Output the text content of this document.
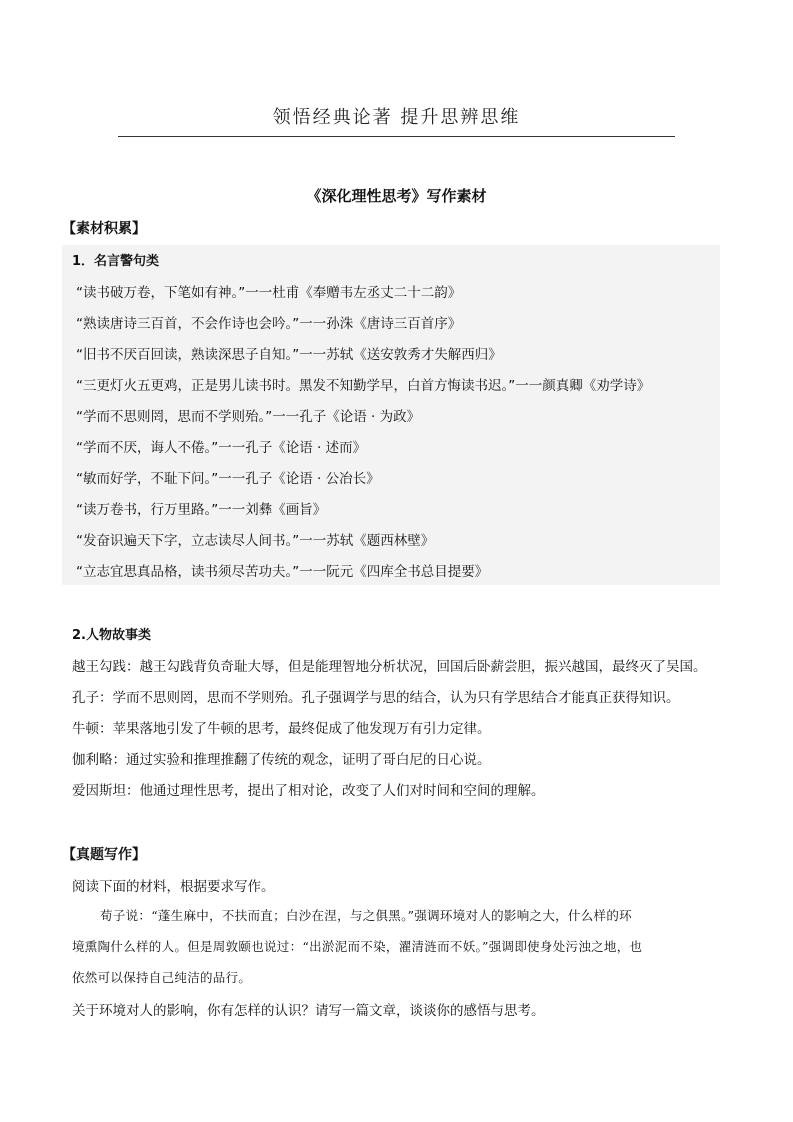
领悟经典论著 提升思辨思维
《深化理性思考》写作素材
【素材积累】
1．名言警句类
“读书破万卷，下笔如有神。”一一杜甫《奉赠韦左丞丈二十二韵》
“熟读唐诗三百首，不会作诗也会吟。”一一孙洙《唐诗三百首序》
“旧书不厌百回读，熟读深思子自知。”一一苏轼《送安敦秀才失解西归》
“三更灯火五更鸡，正是男儿读书时。黑发不知勤学早，白首方悔读书迟。”一一颜真卿《劝学诗》
“学而不思则罔，思而不学则殆。”一一孔子《论语 · 为政》
“学而不厌，诲人不倦。”一一孔子《论语 · 述而》
“敏而好学，不耻下问。”一一孔子《论语 · 公冶长》
“读万卷书，行万里路。”一一刘彝《画旨》
“发奋识遍天下字，立志读尽人间书。”一一苏轼《题西林壁》
“立志宜思真品格，读书须尽苦功夫。”一一阮元《四库全书总目提要》
2.人物故事类
越王勾践：越王勾践背负奇耻大辱，但是能理智地分析状况，回国后卧薪尝胆，振兴越国，最终灭了吴国。
孔子：学而不思则罔，思而不学则殆。孔子强调学与思的结合，认为只有学思结合才能真正获得知识。
牛顿：苹果落地引发了牛顿的思考，最终促成了他发现万有引力定律。
伽利略：通过实验和推理推翻了传统的观念，证明了哥白尼的日心说。
爱因斯坦：他通过理性思考，提出了相对论，改变了人们对时间和空间的理解。
【真题写作】
阅读下面的材料，根据要求写作。
荀子说：“蓬生麻中，不扶而直；白沙在涅，与之俱黑。”强调环境对人的影响之大，什么样的环
境熏陶什么样的人。但是周敦颐也说过：“出淤泥而不染，濯清涟而不妖。”强调即使身处污浊之地，也
依然可以保持自己纯洁的品行。
关于环境对人的影响，你有怎样的认识？请写一篇文章，谈谈你的感悟与思考。
